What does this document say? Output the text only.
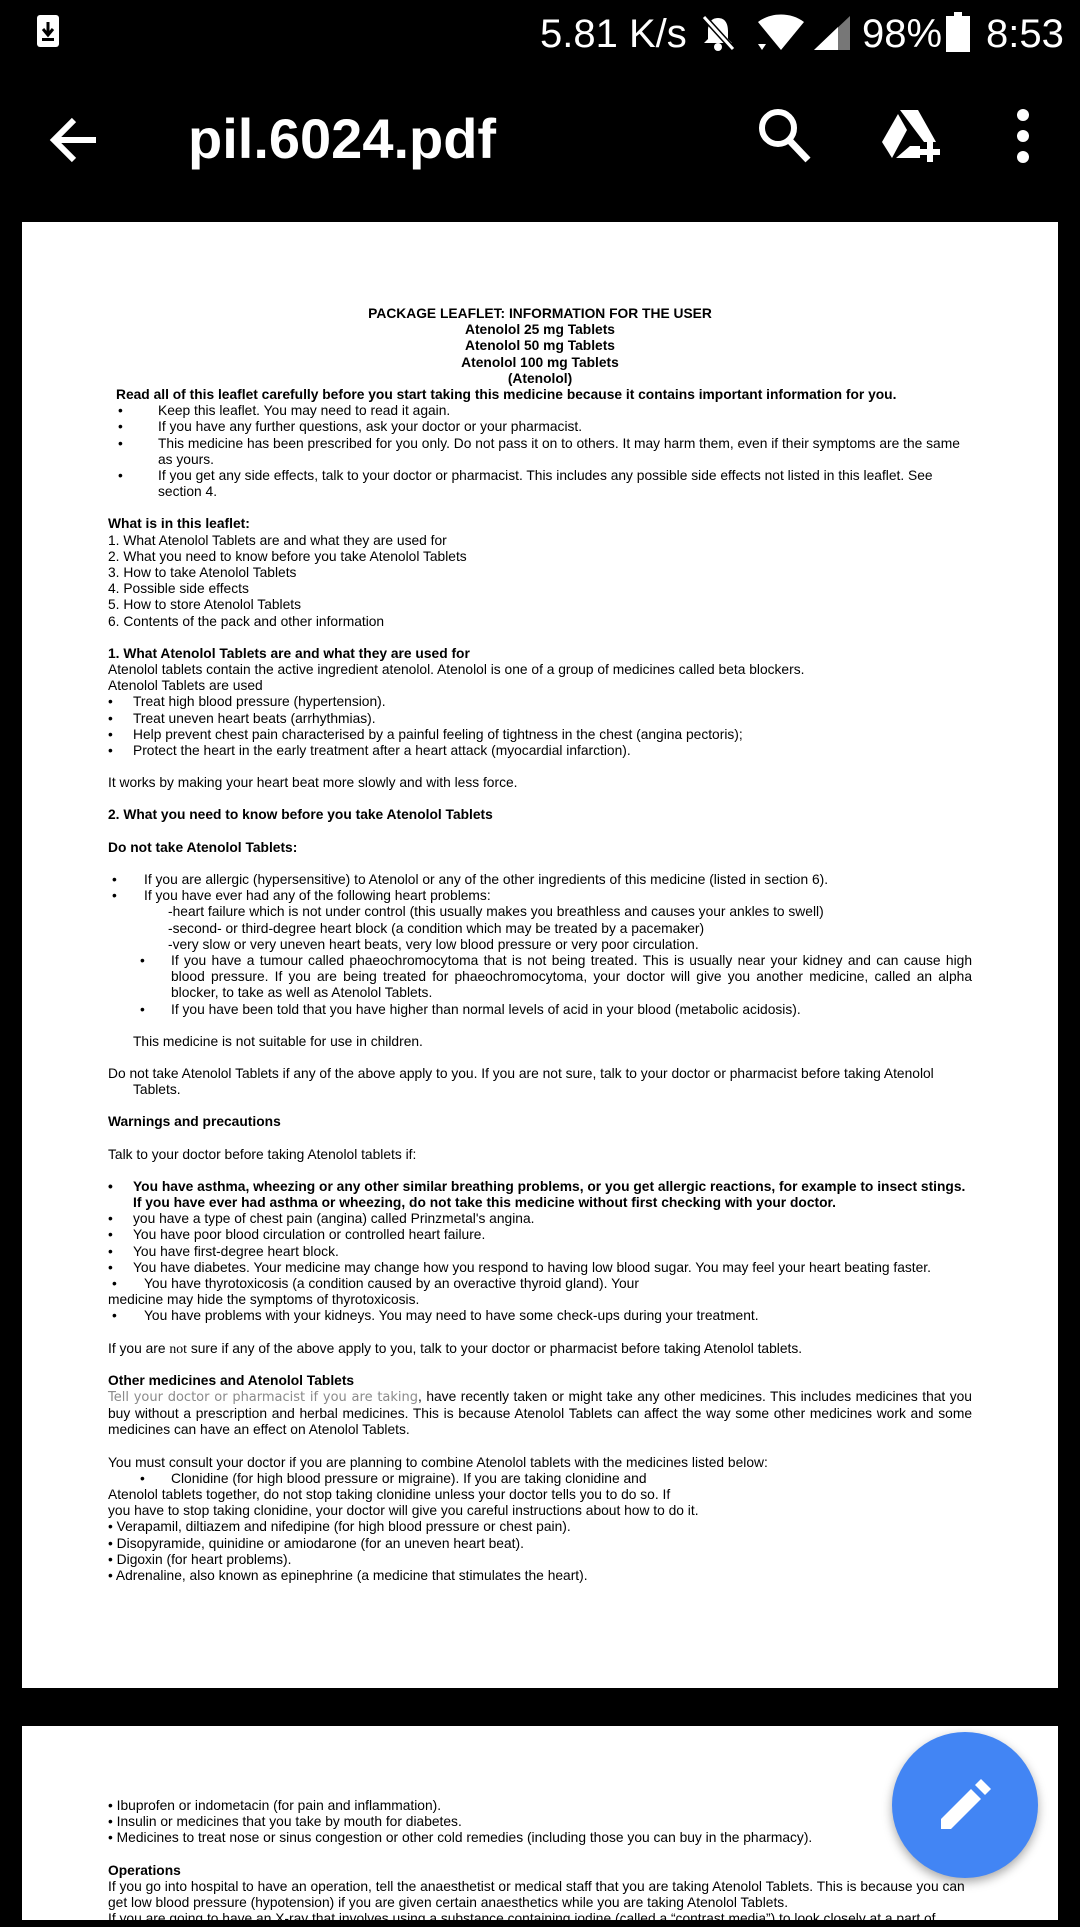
5.81 K/s	98% 8:53
pil.6024.pdf

PACKAGE LEAFLET: INFORMATION FOR THE USER

Atenolol 25 mg Tablets

Atenolol 50 mg Tablets

Atenolol 100 mg Tablets

(Atenolol)

Read all of this leaflet carefully before you start taking this medicine because it contains important information for you.

• Keep this leaflet. You may need to read it again.

• If you have any further questions, ask your doctor or your pharmacist.

• This medicine has been prescribed for you only. Do not pass it on to others. It may harm them, even if their symptoms are the same as yours.

• If you get any side effects, talk to your doctor or pharmacist. This includes any possible side effects not listed in this leaflet. See section 4.

What is in this leaflet:

1. What Atenolol Tablets are and what they are used for

2. What you need to know before you take Atenolol Tablets

3. How to take Atenolol Tablets

4. Possible side effects

5. How to store Atenolol Tablets

6. Contents of the pack and other information

1. What Atenolol Tablets are and what they are used for

Atenolol tablets contain the active ingredient atenolol. Atenolol is one of a group of medicines called beta blockers.

Atenolol Tablets are used

• Treat high blood pressure (hypertension).

• Treat uneven heart beats (arrhythmias).

• Help prevent chest pain characterised by a painful feeling of tightness in the chest (angina pectoris);

• Protect the heart in the early treatment after a heart attack (myocardial infarction).

It works by making your heart beat more slowly and with less force.

2. What you need to know before you take Atenolol Tablets

Do not take Atenolol Tablets:

• If you are allergic (hypersensitive) to Atenolol or any of the other ingredients of this medicine (listed in section 6).

• If you have ever had any of the following heart problems:

-heart failure which is not under control (this usually makes you breathless and causes your ankles to swell)

-second- or third-degree heart block (a condition which may be treated by a pacemaker)

-very slow or very uneven heart beats, very low blood pressure or very poor circulation.

• If you have a tumour called phaeochromocytoma that is not being treated. This is usually near your kidney and can cause high blood pressure. If you are being treated for phaeochromocytoma, your doctor will give you another medicine, called an alpha blocker, to take as well as Atenolol Tablets.

• If you have been told that you have higher than normal levels of acid in your blood (metabolic acidosis).

This medicine is not suitable for use in children.

Do not take Atenolol Tablets if any of the above apply to you. If you are not sure, talk to your doctor or pharmacist before taking Atenolol Tablets.

Warnings and precautions

Talk to your doctor before taking Atenolol tablets if:

• You have asthma, wheezing or any other similar breathing problems, or you get allergic reactions, for example to insect stings. If you have ever had asthma or wheezing, do not take this medicine without first checking with your doctor.

• you have a type of chest pain (angina) called Prinzmetal's angina.

• You have poor blood circulation or controlled heart failure.

• You have first-degree heart block.

• You have diabetes. Your medicine may change how you respond to having low blood sugar. You may feel your heart beating faster.

• You have thyrotoxicosis (a condition caused by an overactive thyroid gland). Your

medicine may hide the symptoms of thyrotoxicosis.

• You have problems with your kidneys. You may need to have some check-ups during your treatment.

If you are not sure if any of the above apply to you, talk to your doctor or pharmacist before taking Atenolol tablets.

Other medicines and Atenolol Tablets

Tell your doctor or pharmacist if you are taking, have recently taken or might take any other medicines. This includes medicines that you buy without a prescription and herbal medicines. This is because Atenolol Tablets can affect the way some other medicines work and some medicines can have an effect on Atenolol Tablets.

You must consult your doctor if you are planning to combine Atenolol tablets with the medicines listed below:

• Clonidine (for high blood pressure or migraine). If you are taking clonidine and

Atenolol tablets together, do not stop taking clonidine unless your doctor tells you to do so. If

you have to stop taking clonidine, your doctor will give you careful instructions about how to do it.

• Verapamil, diltiazem and nifedipine (for high blood pressure or chest pain).

• Disopyramide, quinidine or amiodarone (for an uneven heart beat).

• Digoxin (for heart problems).

• Adrenaline, also known as epinephrine (a medicine that stimulates the heart).

• Ibuprofen or indometacin (for pain and inflammation).

• Insulin or medicines that you take by mouth for diabetes.

• Medicines to treat nose or sinus congestion or other cold remedies (including those you can buy in the pharmacy).

Operations

If you go into hospital to have an operation, tell the anaesthetist or medical staff that you are taking Atenolol Tablets. This is because you can get low blood pressure (hypotension) if you are given certain anaesthetics while you are taking Atenolol Tablets.

If you are going to have an X-ray that involves using a substance containing iodine (called a “contrast media”) to look closely at a part of
